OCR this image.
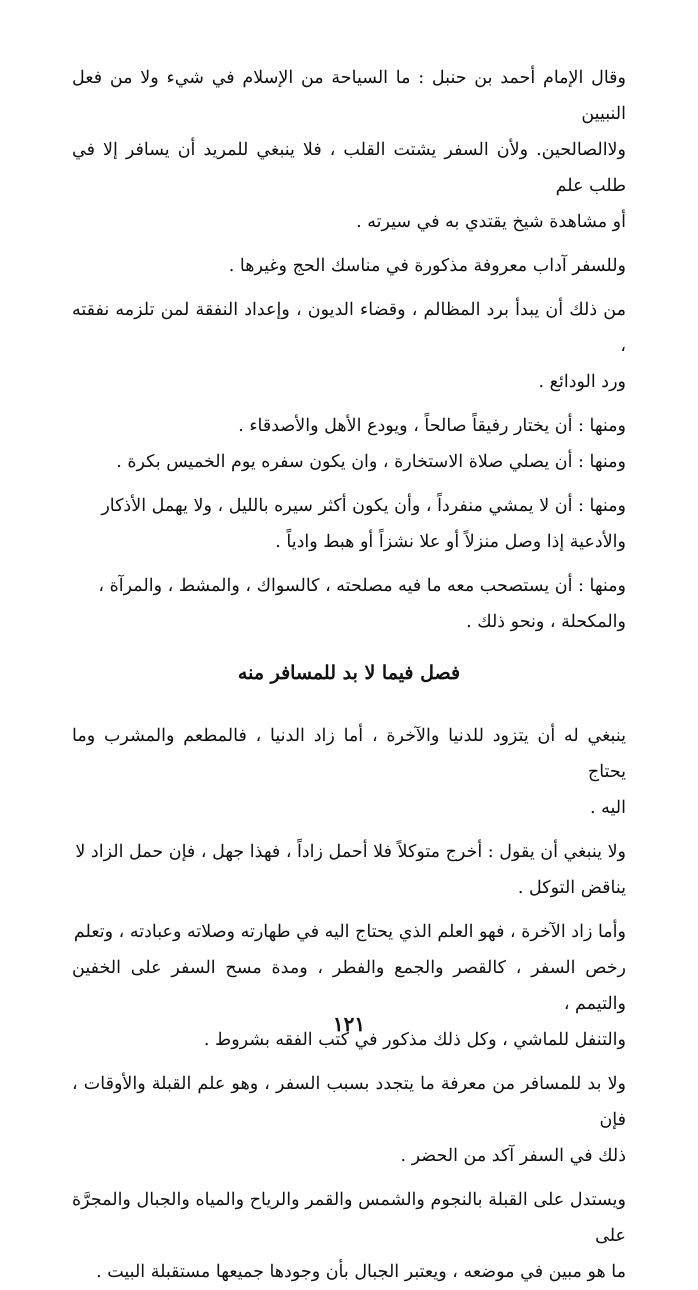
وقال الإمام أحمد بن حنبل : ما السياحة من الإسلام في شيء ولا من فعل النبيين
ولاالصالحين. ولأن السفر يشتت القلب ، فلا ينبغي للمريد أن يسافر إلا في طلب علم
أو مشاهدة شيخ يقتدي به في سيرته .
وللسفر آداب معروفة مذكورة في مناسك الحج وغيرها .
من ذلك أن يبدأ برد المظالم ، وقضاء الديون ، وإعداد النفقة لمن تلزمه نفقته ،
ورد الودائع .
ومنها : أن يختار رفيقاً صالحاً ، ويودع الأهل والأصدقاء .
ومنها : أن يصلي صلاة الاستخارة ، وان يكون سفره يوم الخميس بكرة .
ومنها : أن لا يمشي منفرداً ، وأن يكون أكثر سيره بالليل ، ولا يهمل الأذكار
والأدعية إذا وصل منزلاً أو علا نشزاً أو هبط وادياً .
ومنها : أن يستصحب معه ما فيه مصلحته ، كالسواك ، والمشط ، والمرآة ،
والمكحلة ، ونحو ذلك .
فصل فيما لا بد للمسافر منه
ينبغي له أن يتزود للدنيا والآخرة ، أما زاد الدنيا ، فالمطعم والمشرب وما يحتاج
اليه .
ولا ينبغي أن يقول : أخرج متوكلاً فلا أحمل زاداً ، فهذا جهل ، فإن حمل الزاد لا
يناقض التوكل .
وأما زاد الآخرة ، فهو العلم الذي يحتاج اليه في طهارته وصلاته وعبادته ، وتعلم
رخص السفر ، كالقصر والجمع والفطر ، ومدة مسح السفر على الخفين والتيمم ،
والتنفل للماشي ، وكل ذلك مذكور في كتب الفقه بشروط .
ولا بد للمسافر من معرفة ما يتجدد بسبب السفر ، وهو علم القبلة والأوقات ، فإن
ذلك في السفر آكد من الحضر .
ويستدل على القبلة بالنجوم والشمس والقمر والرياح والمياه والجبال والمجرَّة على
ما هو مبين في موضعه ، ويعتبر الجبال بأن وجودها جميعها مستقبلة البيت .
١٢١
